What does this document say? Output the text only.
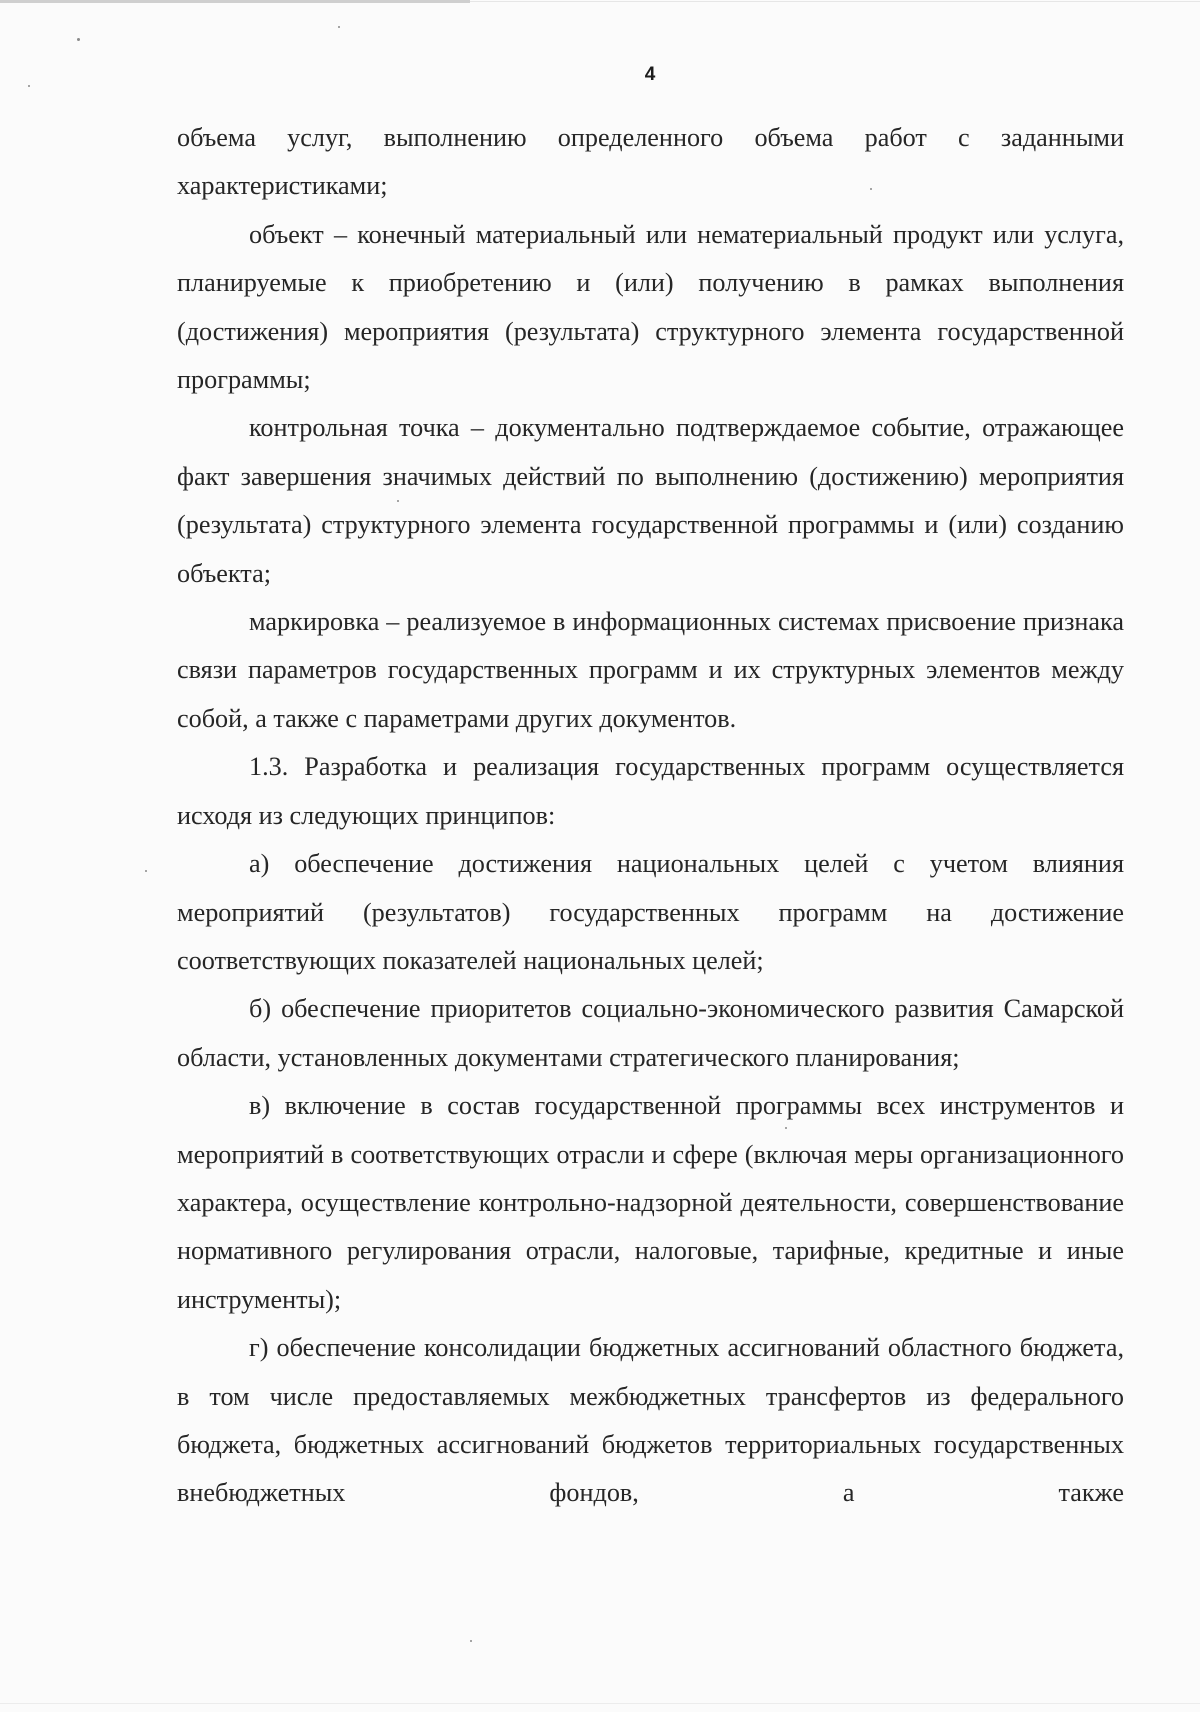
4

объема услуг, выполнению определенного объема работ с заданными характеристиками;

объект – конечный материальный или нематериальный продукт или услуга, планируемые к приобретению и (или) получению в рамках выполнения (достижения) мероприятия (результата) структурного элемента государственной программы;

контрольная точка – документально подтверждаемое событие, отражающее факт завершения значимых действий по выполнению (достижению) мероприятия (результата) структурного элемента государственной программы и (или) созданию объекта;

маркировка – реализуемое в информационных системах присвоение признака связи параметров государственных программ и их структурных элементов между собой, а также с параметрами других документов.

1.3. Разработка и реализация государственных программ осуществляется исходя из следующих принципов:

а) обеспечение достижения национальных целей с учетом влияния мероприятий (результатов) государственных программ на достижение соответствующих показателей национальных целей;

б) обеспечение приоритетов социально-экономического развития Самарской области, установленных документами стратегического планирования;

в) включение в состав государственной программы всех инструментов и мероприятий в соответствующих отрасли и сфере (включая меры организационного характера, осуществление контрольно-надзорной деятельности, совершенствование нормативного регулирования отрасли, налоговые, тарифные, кредитные и иные инструменты);

г) обеспечение консолидации бюджетных ассигнований областного бюджета, в том числе предоставляемых межбюджетных трансфертов из федерального бюджета, бюджетных ассигнований бюджетов территориальных государственных внебюджетных фондов, а также
